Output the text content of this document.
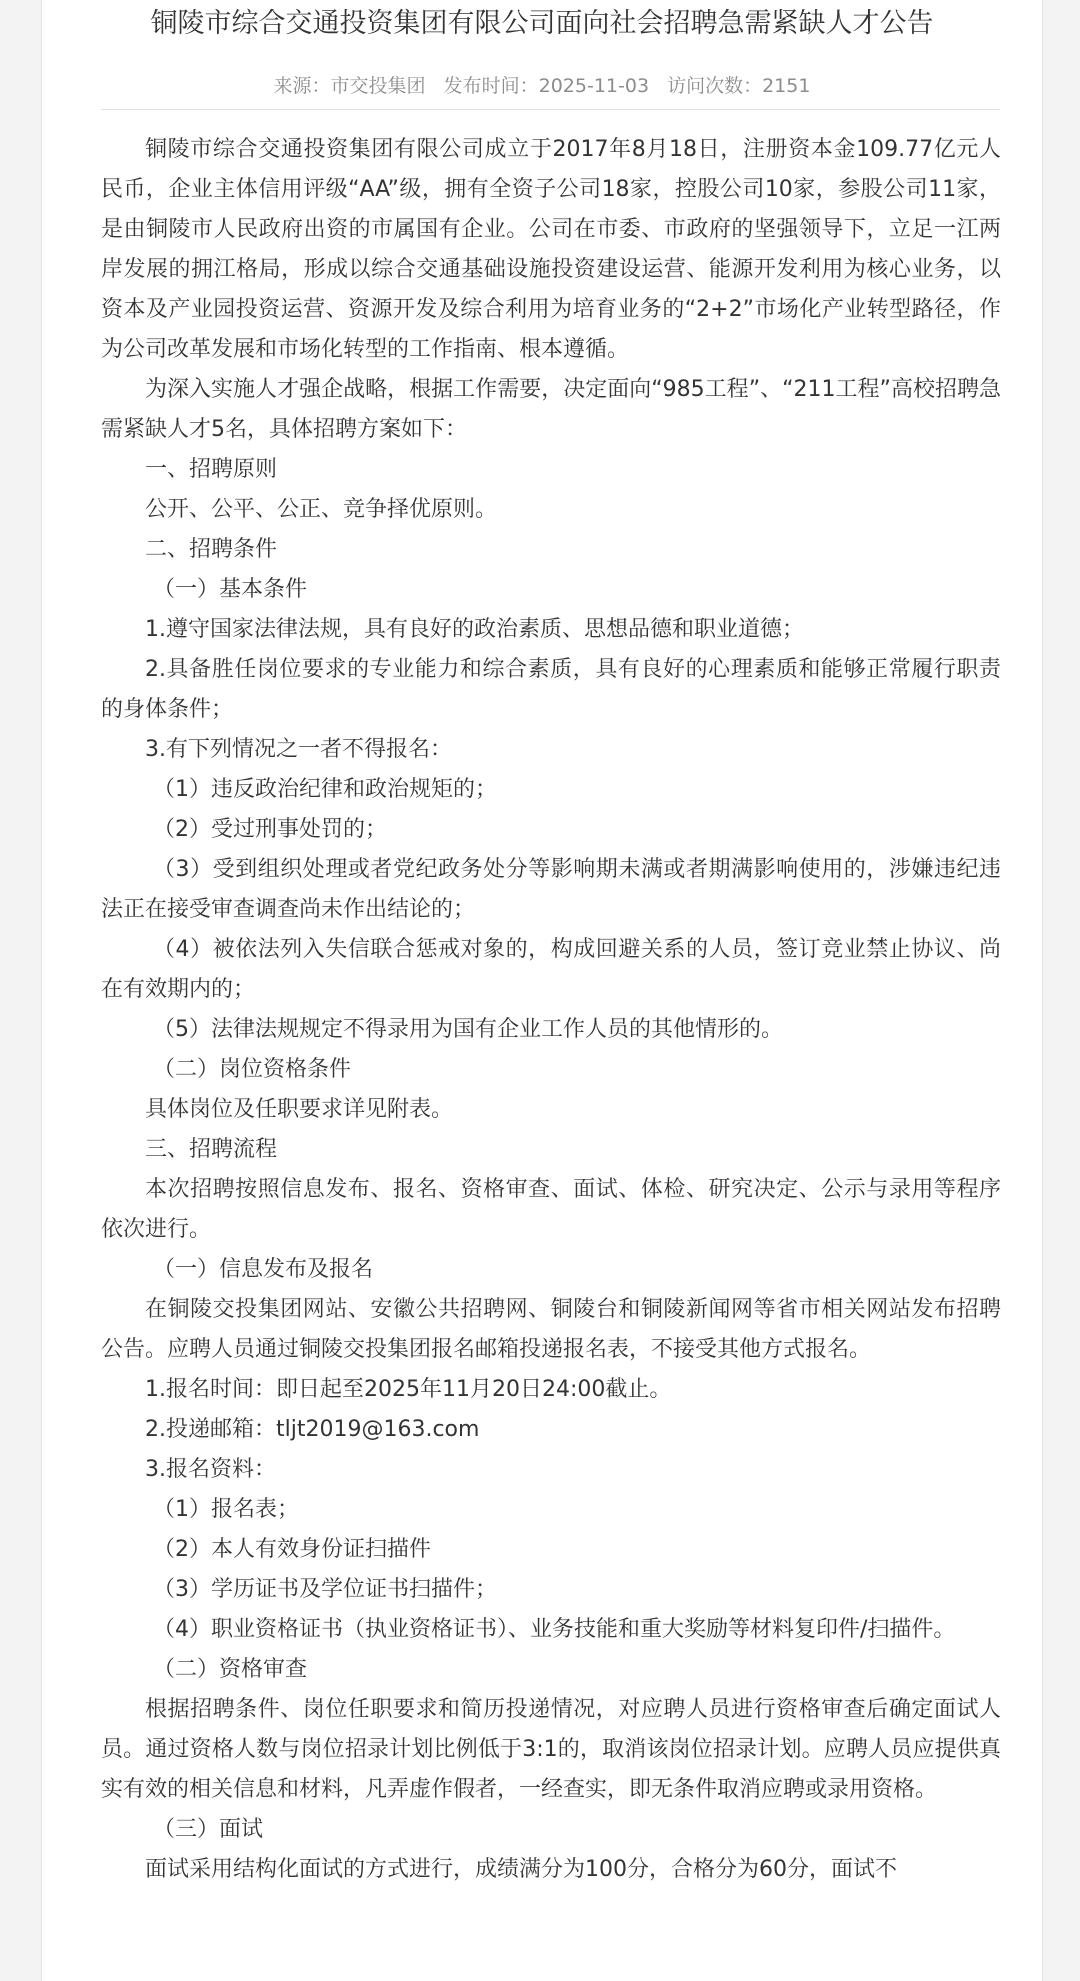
铜陵市综合交通投资集团有限公司面向社会招聘急需紧缺人才公告
来源：市交投集团 发布时间：2025-11-03 访问次数：2151

铜陵市综合交通投资集团有限公司成立于2017年8月18日，注册资本金109.77亿元人民币，企业主体信用评级“AA”级，拥有全资子公司18家，控股公司10家，参股公司11家，是由铜陵市人民政府出资的市属国有企业。公司在市委、市政府的坚强领导下，立足一江两岸发展的拥江格局，形成以综合交通基础设施投资建设运营、能源开发利用为核心业务，以资本及产业园投资运营、资源开发及综合利用为培育业务的“2+2”市场化产业转型路径，作为公司改革发展和市场化转型的工作指南、根本遵循。

为深入实施人才强企战略，根据工作需要，决定面向“985工程”、“211工程”高校招聘急需紧缺人才5名，具体招聘方案如下：

一、招聘原则

公开、公平、公正、竞争择优原则。

二、招聘条件

（一）基本条件

1.遵守国家法律法规，具有良好的政治素质、思想品德和职业道德；

2.具备胜任岗位要求的专业能力和综合素质，具有良好的心理素质和能够正常履行职责的身体条件；

3.有下列情况之一者不得报名：

（1）违反政治纪律和政治规矩的；

（2）受过刑事处罚的；

（3）受到组织处理或者党纪政务处分等影响期未满或者期满影响使用的，涉嫌违纪违法正在接受审查调查尚未作出结论的；

（4）被依法列入失信联合惩戒对象的，构成回避关系的人员，签订竞业禁止协议、尚在有效期内的；

（5）法律法规规定不得录用为国有企业工作人员的其他情形的。

（二）岗位资格条件

具体岗位及任职要求详见附表。

三、招聘流程

本次招聘按照信息发布、报名、资格审查、面试、体检、研究决定、公示与录用等程序依次进行。

（一）信息发布及报名

在铜陵交投集团网站、安徽公共招聘网、铜陵台和铜陵新闻网等省市相关网站发布招聘公告。应聘人员通过铜陵交投集团报名邮箱投递报名表，不接受其他方式报名。

1.报名时间：即日起至2025年11月20日24:00截止。

2.投递邮箱：tljt2019@163.com

3.报名资料：

（1）报名表；

（2）本人有效身份证扫描件

（3）学历证书及学位证书扫描件；

（4）职业资格证书（执业资格证书）、业务技能和重大奖励等材料复印件/扫描件。

（二）资格审查

根据招聘条件、岗位任职要求和简历投递情况，对应聘人员进行资格审查后确定面试人员。通过资格人数与岗位招录计划比例低于3:1的，取消该岗位招录计划。应聘人员应提供真实有效的相关信息和材料，凡弄虚作假者，一经查实，即无条件取消应聘或录用资格。

（三）面试

面试采用结构化面试的方式进行，成绩满分为100分，合格分为60分，面试不
